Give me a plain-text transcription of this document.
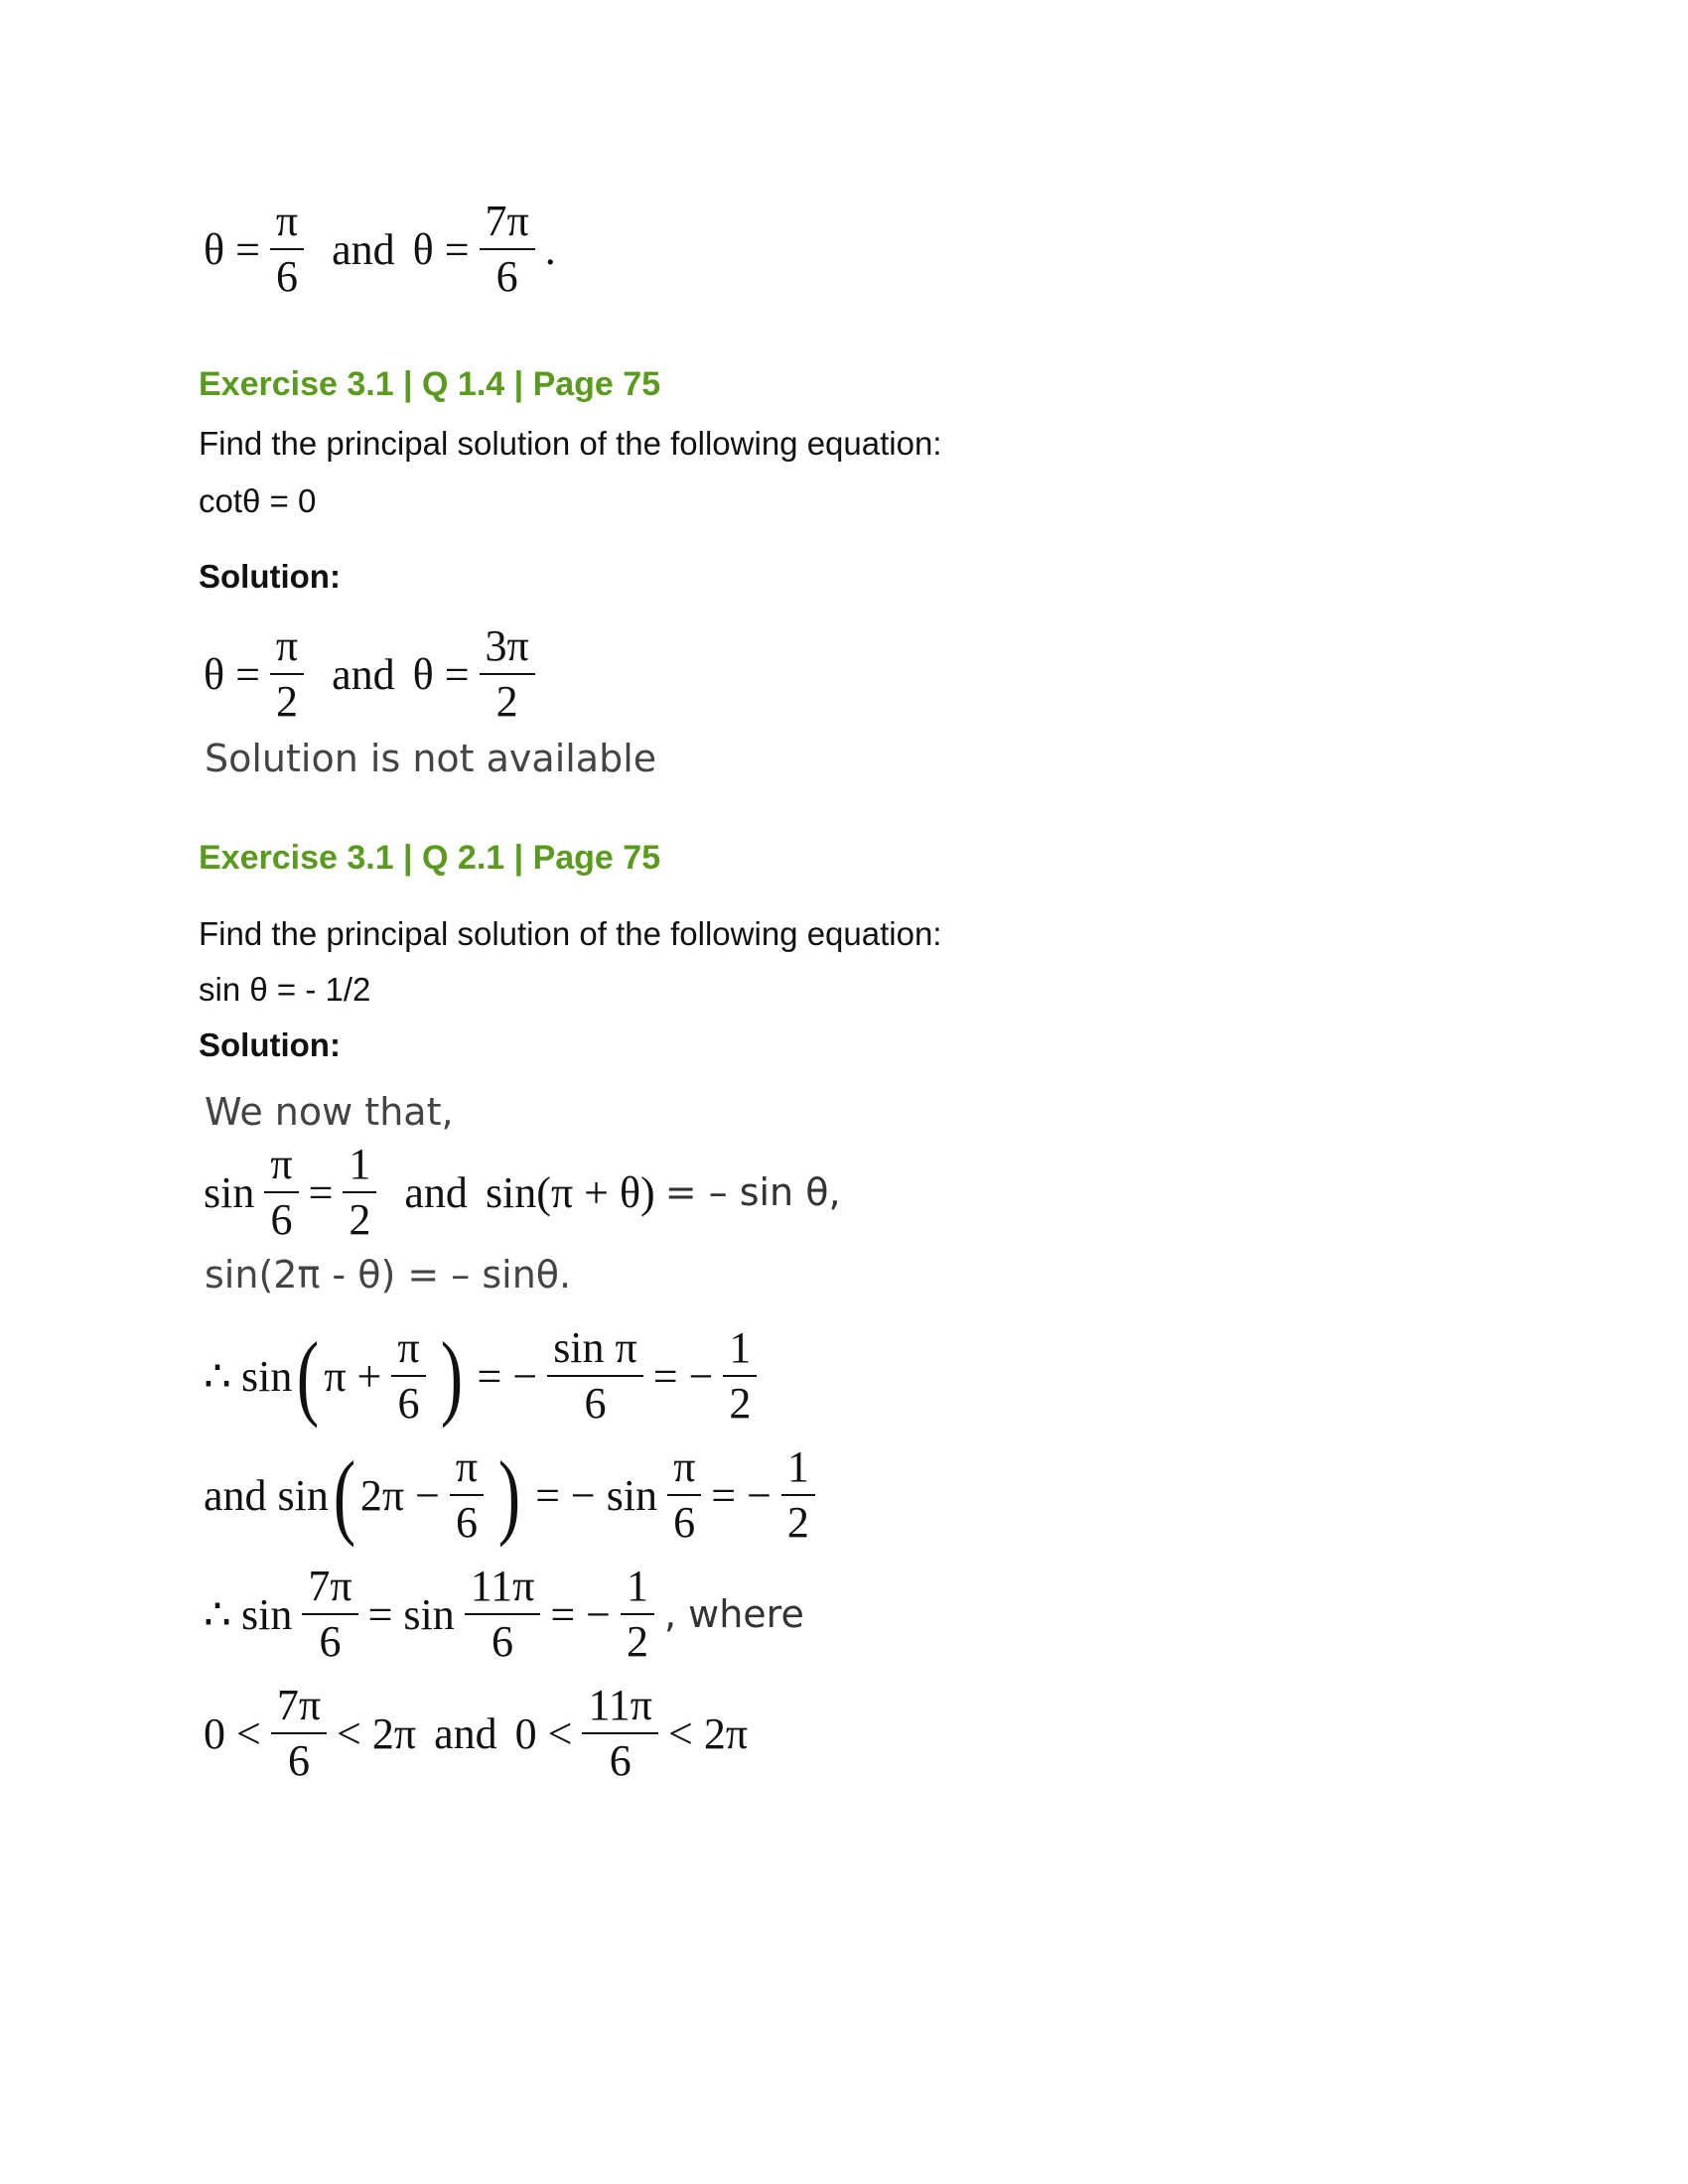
$\theta = \frac{\pi}{6}$ and $\theta = \frac{7\pi}{6}$ .
Exercise 3.1 | Q 1.4 | Page 75
Find the principal solution of the following equation:
cotθ = 0
Solution:
$\theta = \frac{\pi}{2}$ and $\theta = \frac{3\pi}{2}$
Solution is not available
Exercise 3.1 | Q 2.1 | Page 75
Find the principal solution of the following equation:
sin θ = - 1/2
Solution:
We now that,
$\sin \frac{\pi}{6} = \frac{1}{2}$ and sin(π + θ) = – sin θ,
sin(2π - θ) = – sinθ.
∴ sin ( $\pi + \frac{\pi}{6}$ ) = − $\frac{\text{sin π}}{6}$ = − $\frac{1}{2}$
and sin ( $2\pi - \frac{\pi}{6}$ ) = − $\sin \frac{\pi}{6}$ = − $\frac{1}{2}$
∴ $\sin \frac{7\pi}{6} = \sin \frac{11\pi}{6}$ = − $\frac{1}{2}$ , where
$0 < \frac{7\pi}{6} < 2\pi$ and $0 < \frac{11\pi}{6} < 2\pi$
